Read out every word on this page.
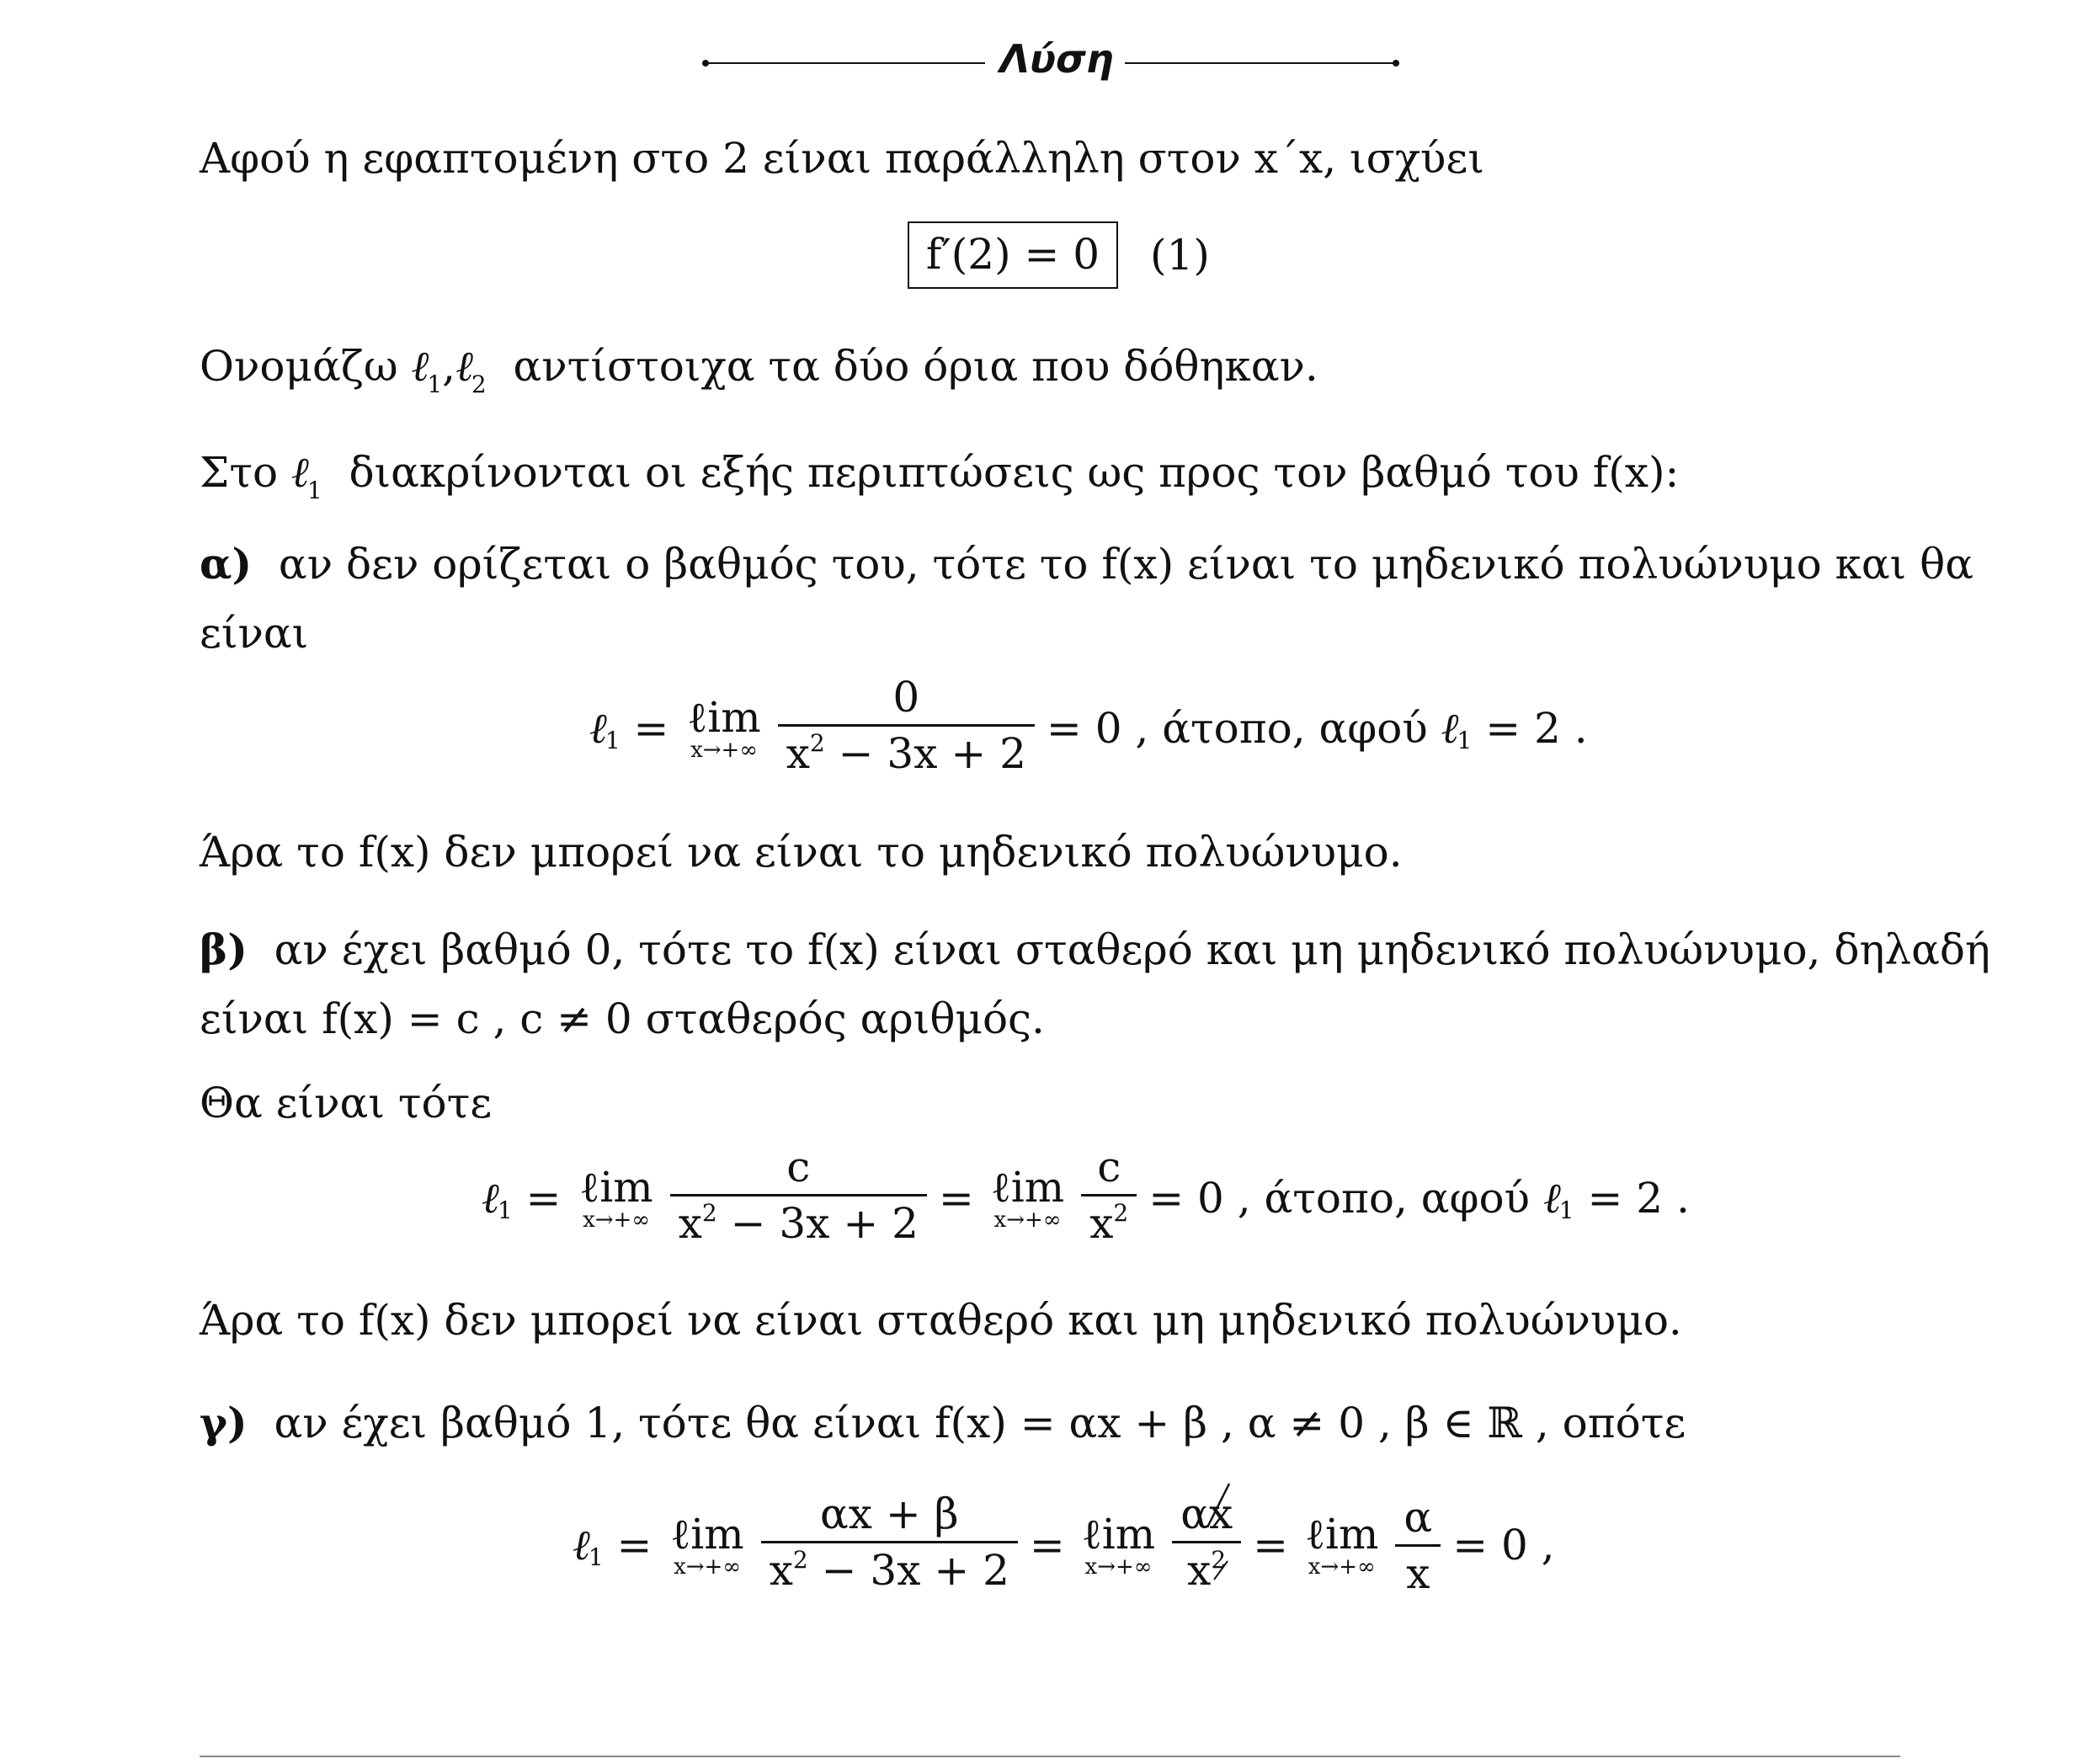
Λύση
Αφού η εφαπτομένη στο 2 είναι παράλληλη στον x΄x, ισχύει
f′(2) = 0	(1)
Ονομάζω ℓ$_1$,ℓ$_2$  αντίστοιχα τα δύο όρια που δόθηκαν.
Στο ℓ$_1$  διακρίνονται οι εξής περιπτώσεις ως προς τον βαθμό του f(x):
α)  αν δεν ορίζεται ο βαθμός του, τότε το f(x) είναι το μηδενικό πολυώνυμο και θα
είναι
ℓ
1 = ℓim
$x\to+\infty \frac{0}{x^2 - 3x + 2} = 0$ , άτοπο, αφού ℓ
1 = 2 .
Άρα το f(x) δεν μπορεί να είναι το μηδενικό πολυώνυμο.
β)  αν έχει βαθμό 0, τότε το f(x) είναι σταθερό και μη μηδενικό πολυώνυμο, δηλαδή
είναι f(x) = c , c ≠ 0 σταθερός αριθμός.
Θα είναι τότε
ℓ
1 = ℓim
$x\to+\infty \frac{c}{x^2 - 3x + 2}$ = ℓim
$x\to+\infty \frac{c}{x^2} = 0$ , άτοπο, αφού ℓ
1 = 2 .
Άρα το f(x) δεν μπορεί να είναι σταθερό και μη μηδενικό πολυώνυμο.
γ)  αν έχει βαθμό 1, τότε θα είναι f(x) = αx + β , α ≠ 0 , β ∈ ℝ , οπότε
ℓ
1 = ℓim
$x\to+\infty \frac{\alpha x + \beta}{x^2 - 3x + 2}$ = ℓim
$x\to+\infty \frac{\alpha x}{x^2}$ = ℓim
$x\to+\infty \frac{\alpha}{x} = 0$ ,
